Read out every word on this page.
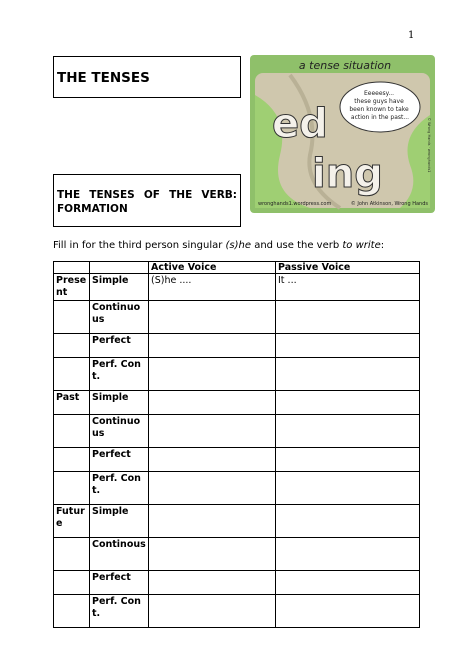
1
THE TENSES
THE TENSES OF THE VERB: FORMATION
Fill in for the third person singular (s)he and use the verb to write:
a tense situation
ed
Eeeeesy... these guys have been known to take action in the past...
ing
wronghands1.wordpress.com	© John Atkinson, Wrong Hands
© Wrong Hands · wronghands1
		Active Voice	Passive Voice
Present	Simple	(S)he ....	It ...
	Continuous		
	Perfect		
	Perf. Cont.		
Past	Simple		
	Continuous		
	Perfect		
	Perf. Cont.		
Future	Simple		
	Continous		
	Perfect		
	Perf. Cont.		
